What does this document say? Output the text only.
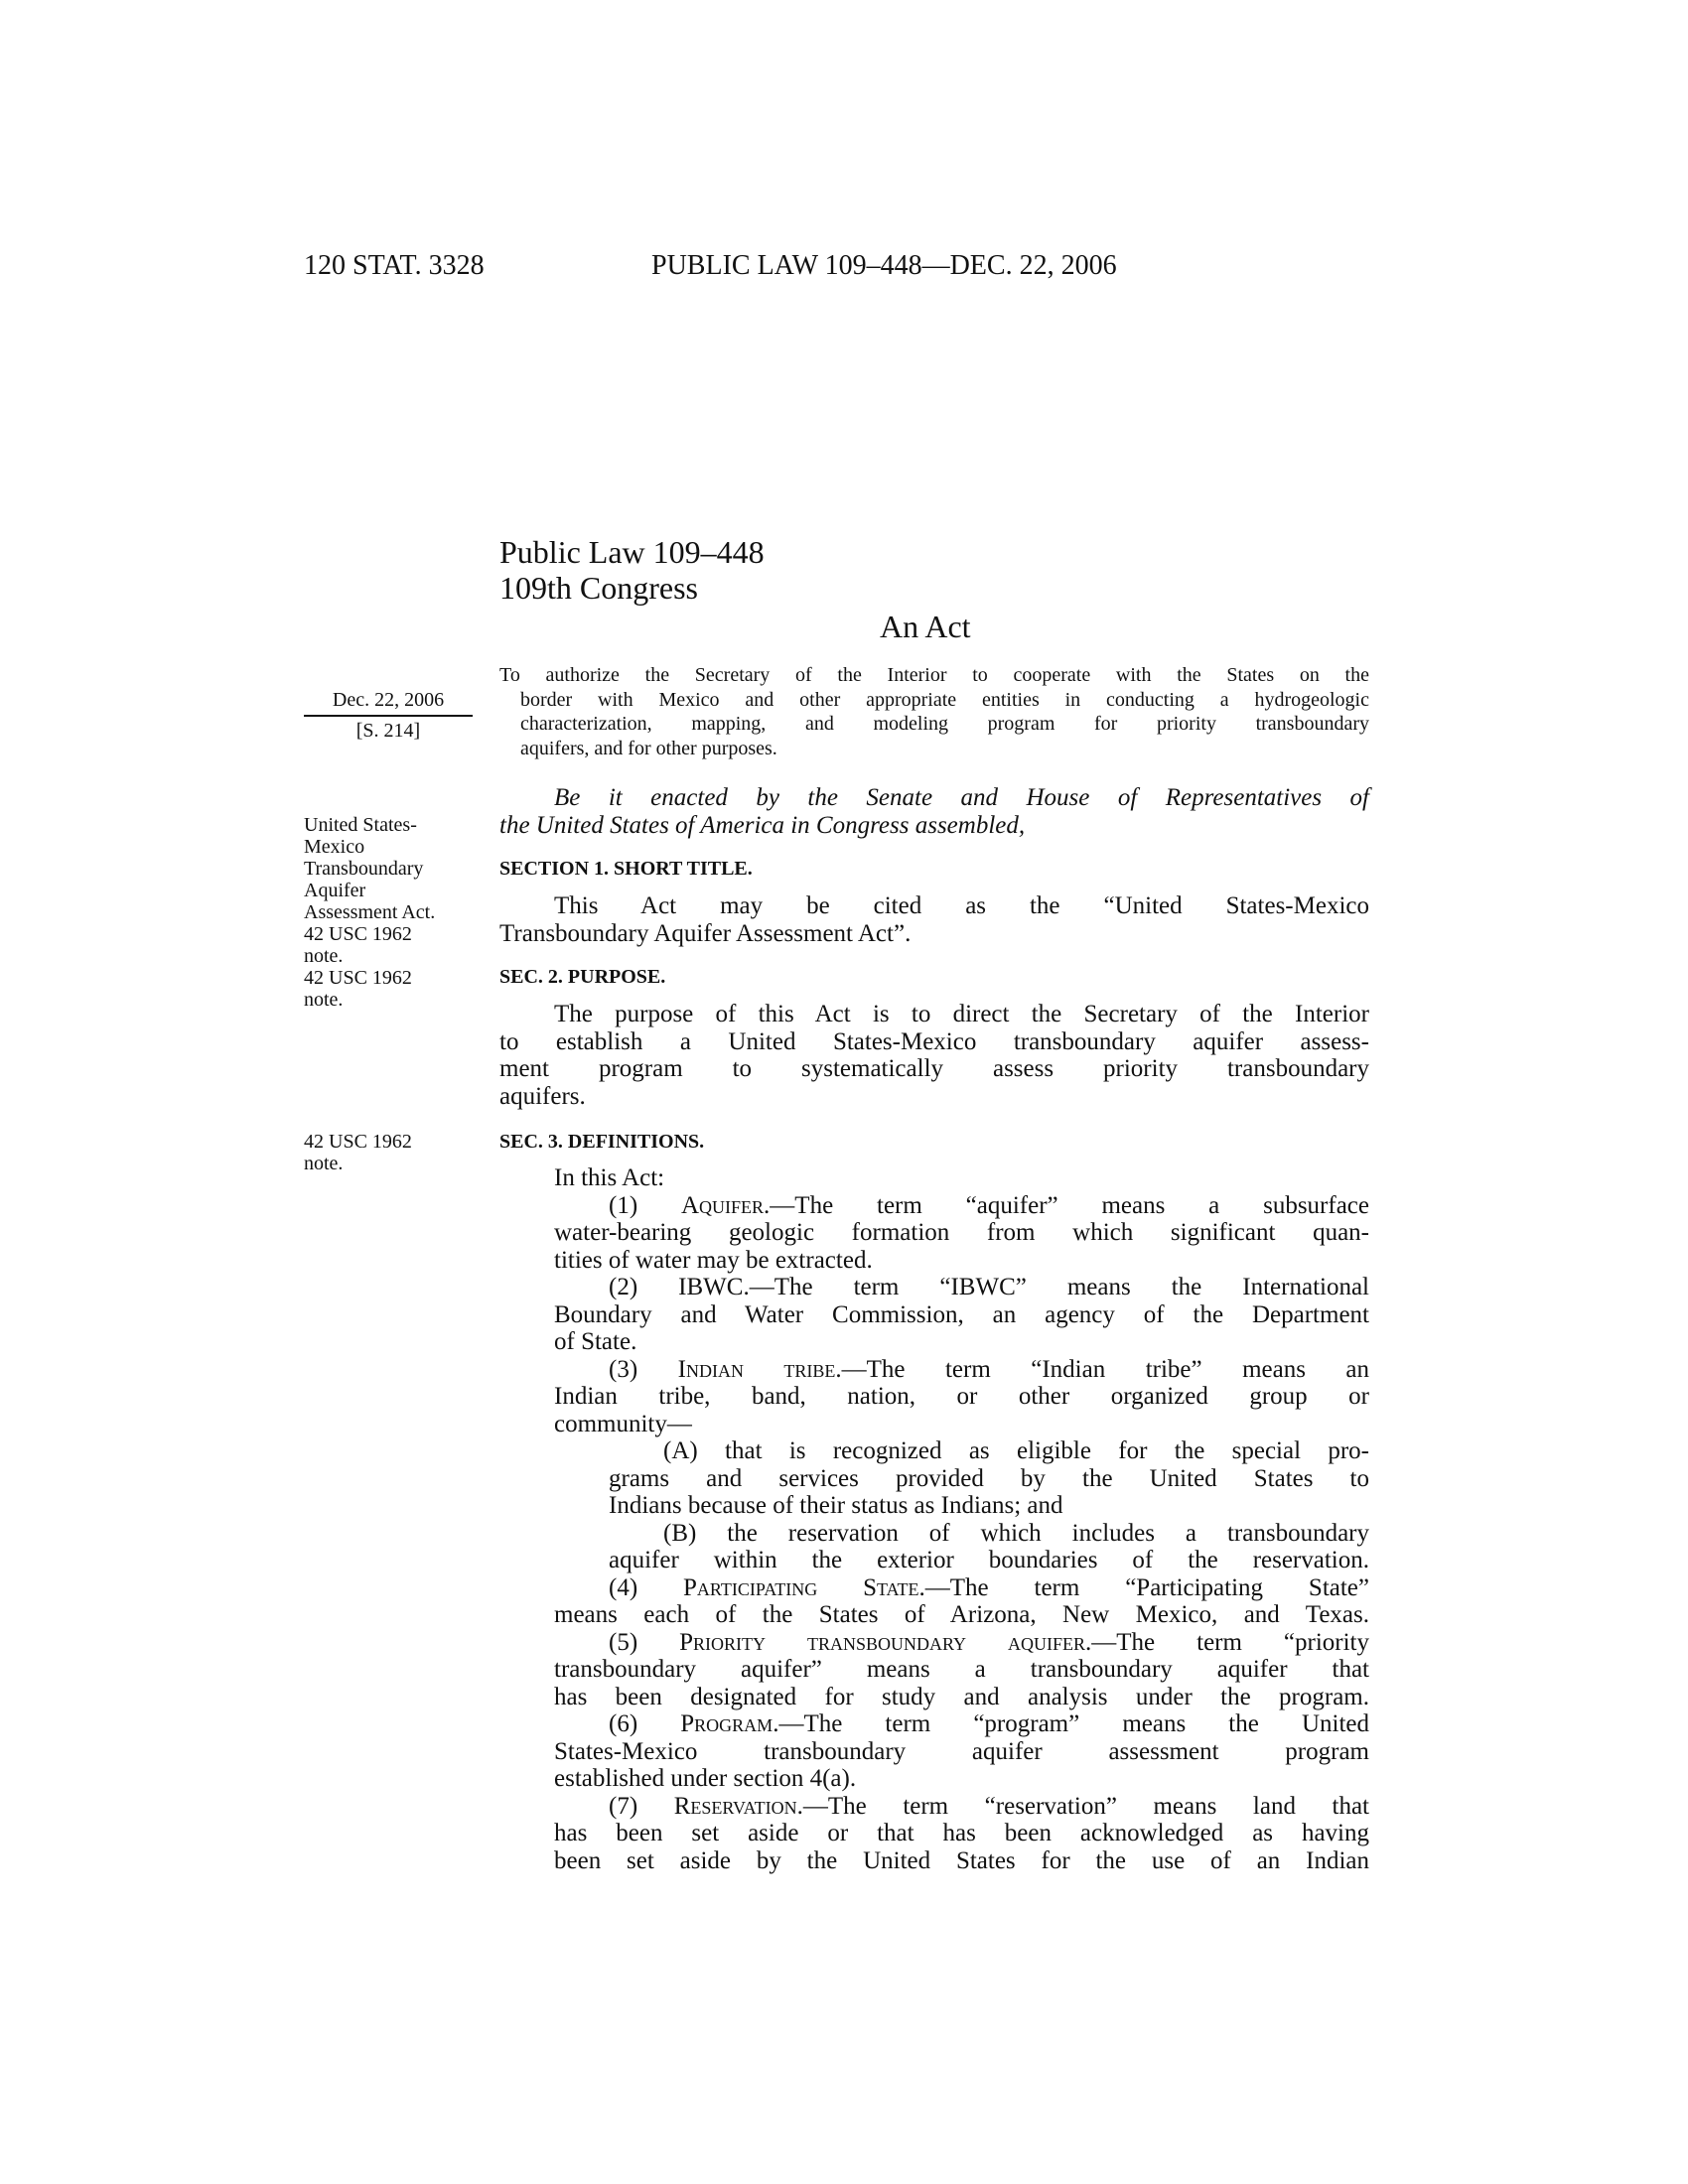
120 STAT. 3328	PUBLIC LAW 109–448—DEC. 22, 2006
Public Law 109–448
109th Congress
An Act
Dec. 22, 2006
[S. 214]
United States-
Mexico
Transboundary
Aquifer
Assessment Act.
42 USC 1962
note.
42 USC 1962
note.
42 USC 1962
note.
To authorize the Secretary of the Interior to cooperate with the States on the
border with Mexico and other appropriate entities in conducting a hydrogeologic
characterization, mapping, and modeling program for priority transboundary
aquifers, and for other purposes.
Be it enacted by the Senate and House of Representatives of
the United States of America in Congress assembled,
SECTION 1. SHORT TITLE.
This Act may be cited as the “United States-Mexico
Transboundary Aquifer Assessment Act”.
SEC. 2. PURPOSE.
The purpose of this Act is to direct the Secretary of the Interior
to establish a United States-Mexico transboundary aquifer assess-
ment program to systematically assess priority transboundary
aquifers.
SEC. 3. DEFINITIONS.
In this Act:
(1) Aquifer.—The term “aquifer” means a subsurface
water-bearing geologic formation from which significant quan-
tities of water may be extracted.
(2) IBWC.—The term “IBWC” means the International
Boundary and Water Commission, an agency of the Department
of State.
(3) Indian tribe.—The term “Indian tribe” means an
Indian tribe, band, nation, or other organized group or
community—
(A) that is recognized as eligible for the special pro-
grams and services provided by the United States to
Indians because of their status as Indians; and
(B) the reservation of which includes a transboundary
aquifer within the exterior boundaries of the reservation.
(4) Participating State.—The term “Participating State”
means each of the States of Arizona, New Mexico, and Texas.
(5) Priority transboundary aquifer.—The term “priority
transboundary aquifer” means a transboundary aquifer that
has been designated for study and analysis under the program.
(6) Program.—The term “program” means the United
States-Mexico transboundary aquifer assessment program
established under section 4(a).
(7) Reservation.—The term “reservation” means land that
has been set aside or that has been acknowledged as having
been set aside by the United States for the use of an Indian
